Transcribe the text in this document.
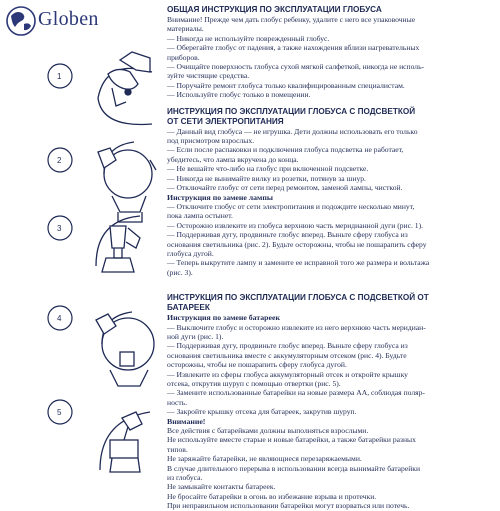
Globen
1
2
3
4
5

ОБЩАЯ ИНСТРУКЦИЯ ПО ЭКСПЛУАТАЦИИ ГЛОБУСА

Внимание! Прежде чем дать глобус ребенку, удалите с него все упаковочные

материалы.

— Никогда не используйте поврежденный глобус.

— Оберегайте глобус от падения, а также нахождения вблизи нагревательных

приборов.

— Очищайте поверхность глобуса сухой мягкой салфеткой, никогда не исполь-

зуйте чистящие средства.

— Поручайте ремонт глобуса только квалифицированным специалистам.

— Используйте глобус только в помещении.

ИНСТРУКЦИЯ ПО ЭКСПЛУАТАЦИИ ГЛОБУСА С ПОДСВЕТКОЙ

ОТ СЕТИ ЭЛЕКТРОПИТАНИЯ

— Данный вид глобуса — не игрушка. Дети должны использовать его только

под присмотром взрослых.

— Если после распаковки и подключения глобуса подсветка не работает,

убедитесь, что лампа вкручена до конца.

— Не вешайте что-либо на глобус при включенной подсветке.

— Никогда не вынимайте вилку из розетки, потянув за шнур.

— Отключайте глобус от сети перед ремонтом, заменой лампы, чисткой.

Инструкция по замене лампы

— Отключите глобус от сети электропитания и подождите несколько минут,

пока лампа остынет.

— Осторожно извлеките из глобуса верхнюю часть меридианной дуги (рис. 1).

— Поддерживая дугу, продвиньте глобус вперед. Выньте сферу глобуса из

основания светильника (рис. 2). Будьте осторожны, чтобы не пошарапить сферу

глобуса дугой.

— Теперь выкрутите лампу и замените ее исправной того же размера и вольтажа

(рис. 3).

ИНСТРУКЦИЯ ПО ЭКСПЛУАТАЦИИ ГЛОБУСА С ПОДСВЕТКОЙ ОТ

БАТАРЕЕК

Инструкция по замене батареек

— Выключите глобус и осторожно извлеките из него верхнюю часть меридиан-

ной дуги (рис. 1).

— Поддерживая дугу, продвиньте глобус вперед. Выньте сферу глобуса из

основания светильника вместе с аккумуляторным отсеком (рис. 4). Будьте

осторожны, чтобы не пошарапить сферу глобуса дугой.

— Извлеките из сферы глобуса аккумуляторный отсек и откройте крышку

отсека, открутив шуруп с помощью отвертки (рис. 5).

— Замените использованные батарейки на новые размера AA, соблюдая поляр-

ность.

— Закройте крышку отсека для батареек, закрутив шуруп.

Внимание!

Все действия с батарейками должны выполняться взрослыми.

Не используйте вместе старые и новые батарейки, а также батарейки разных

типов.

Не заряжайте батарейки, не являющиеся перезаряжаемыми.

В случае длительного перерыва в использовании всегда вынимайте батарейки

из глобуса.

Не замыкайте контакты батареек.

Не бросайте батарейки в огонь во избежание взрыва и протечки.

При неправильном использовании батарейки могут взорваться или потечь.
